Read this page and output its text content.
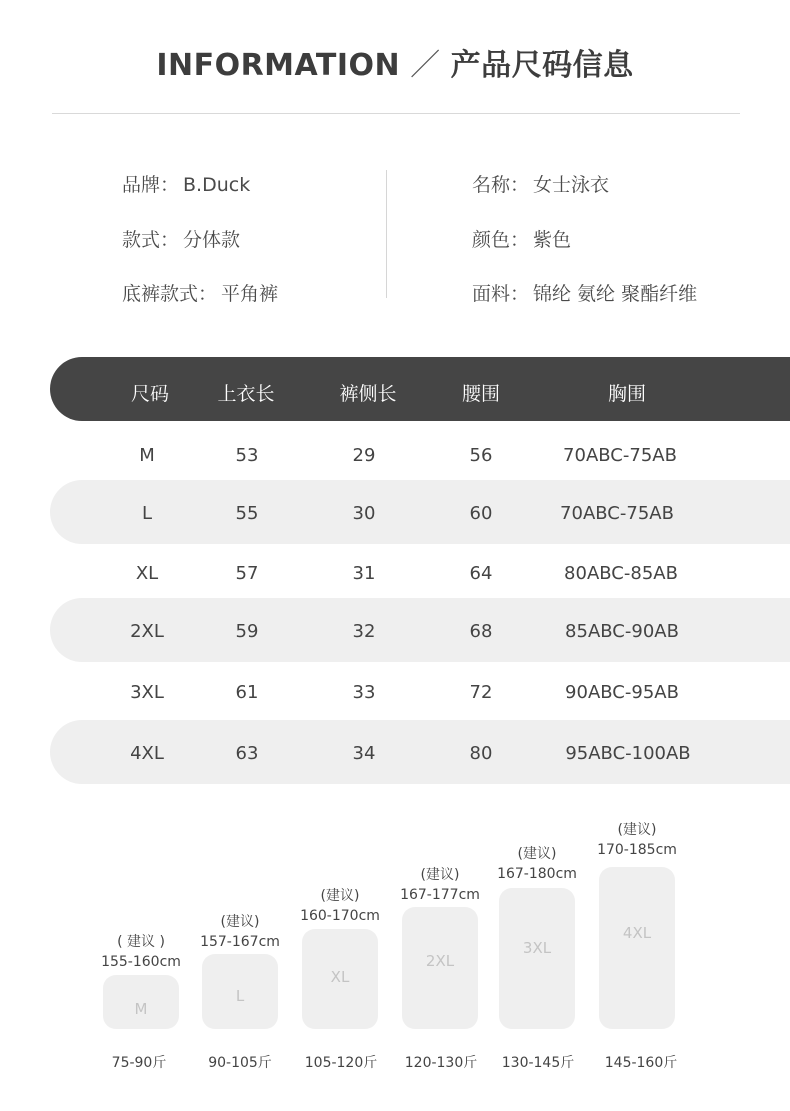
INFORMATION ／ 产品尺码信息
品牌： B.Duck
款式： 分体款
底裤款式： 平角裤
名称： 女士泳衣
颜色： 紫色
面料： 锦纶 氨纶 聚酯纤维
尺码	上衣长	裤侧长	腰围	胸围
M	53	29	56	70ABC-75AB
L	55	30	60	70ABC-75AB
XL	57	31	64	80ABC-85AB
2XL	59	32	68	85ABC-90AB
3XL	61	33	72	90ABC-95AB
4XL	63	34	80	95ABC-100AB
( 建议 )
155-160cm
M
75-90斤
(建议)
157-167cm
L
90-105斤
(建议)
160-170cm
XL
105-120斤
(建议)
167-177cm
2XL
120-130斤
(建议)
167-180cm
3XL
130-145斤
(建议)
170-185cm
4XL
145-160斤
